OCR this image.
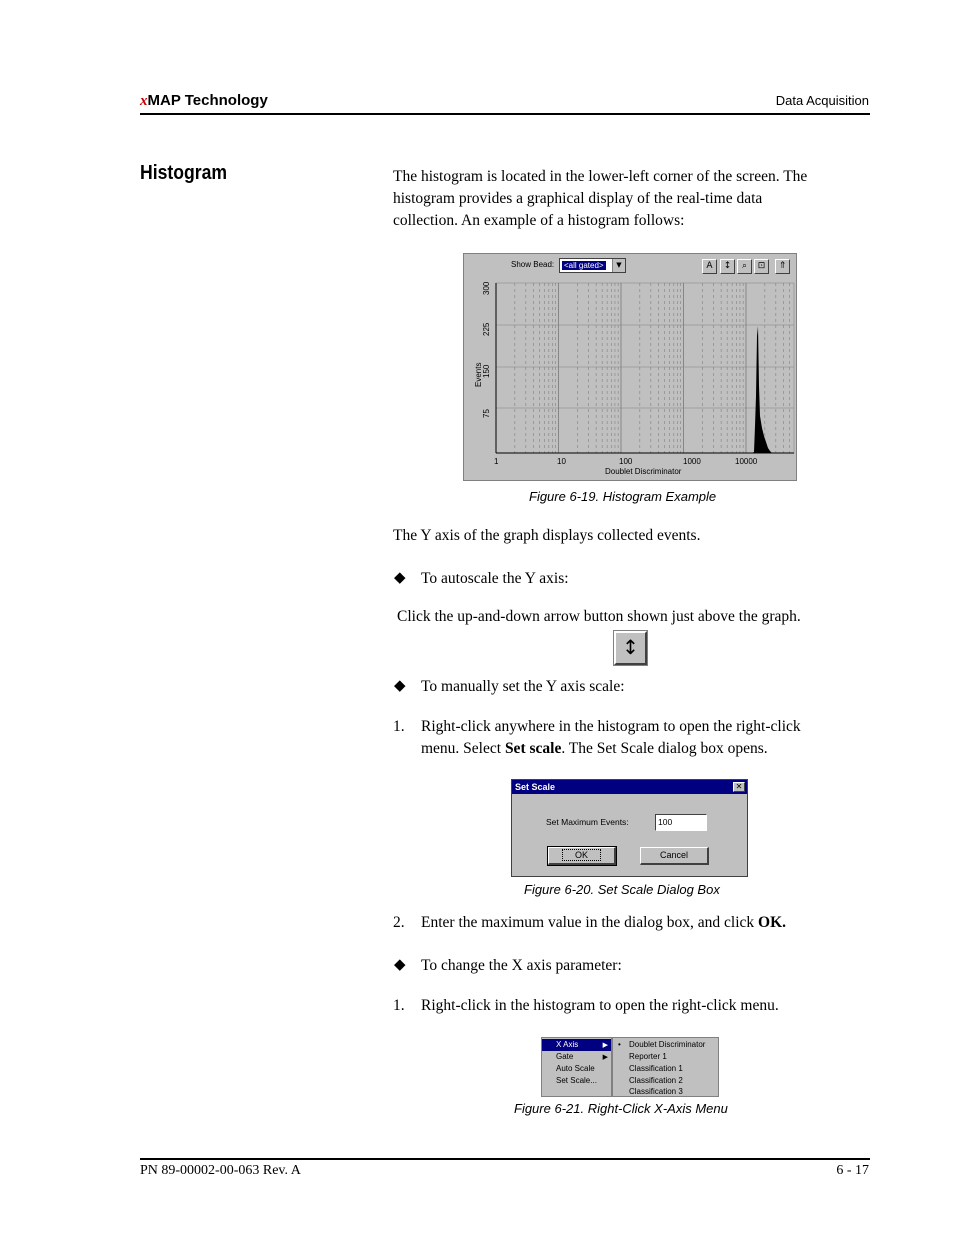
xMAP Technology	Data Acquisition
Histogram	The histogram is located in the lower-left corner of the screen. The
histogram provides a graphical display of the real-time data
collection. An example of a histogram follows:
Show Bead: <all gated>	▼	A	↕	⌕	⊡	⇑
300
225
150
75
Events
1	10	100	1000	10000
Doublet Discriminator
Figure 6-19. Histogram Example
The Y axis of the graph displays collected events.
◆ To autoscale the Y axis:
Click the up-and-down arrow button shown just above the graph.
↕
◆ To manually set the Y axis scale:
1. Right-click anywhere in the histogram to open the right-click
menu. Select Set scale. The Set Scale dialog box opens.
Set Scale	✕
Set Maximum Events:	100
OK	Cancel
Figure 6-20. Set Scale Dialog Box
2. Enter the maximum value in the dialog box, and click OK.
◆ To change the X axis parameter:
1. Right-click in the histogram to open the right-click menu.
X Axis	▶
Gate	▶
Auto Scale
Set Scale...
• Doublet Discriminator
Reporter 1
Classification 1
Classification 2
Classification 3
Figure 6-21. Right-Click X-Axis Menu
PN 89-00002-00-063 Rev. A	6 - 17
